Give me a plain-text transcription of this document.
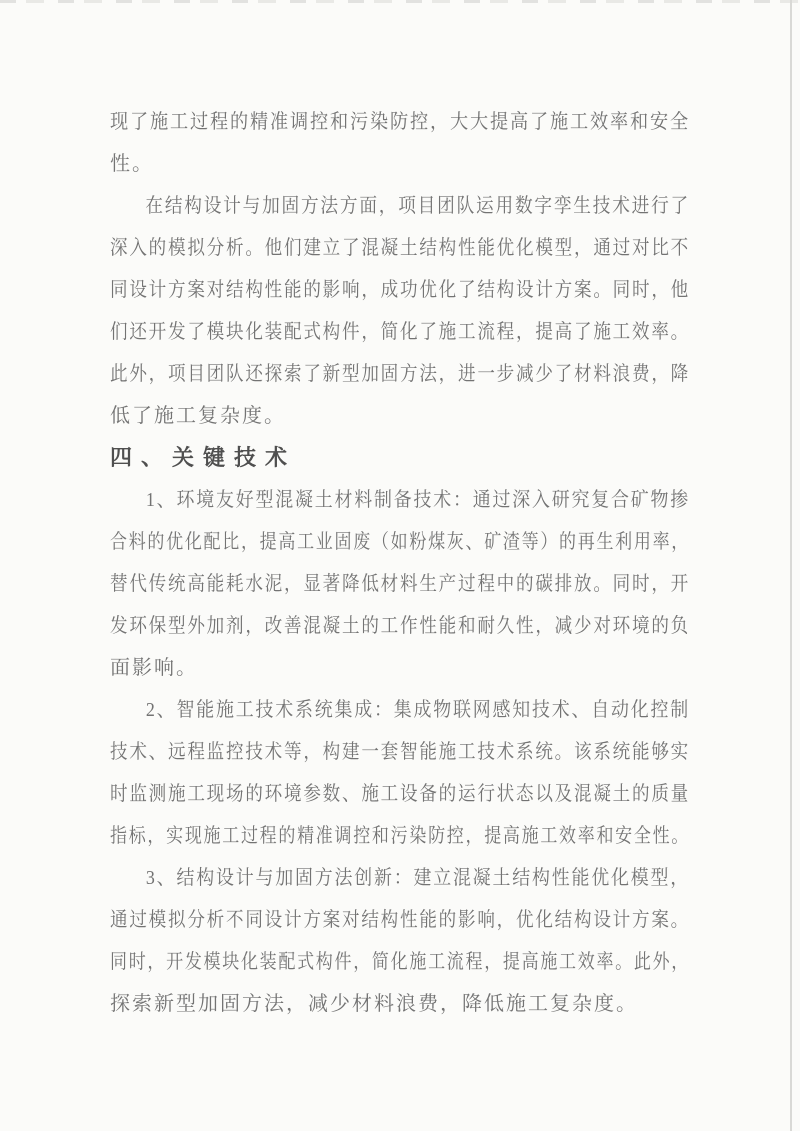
现了施工过程的精准调控和污染防控，大大提高了施工效率和安全
性。
在结构设计与加固方法方面，项目团队运用数字孪生技术进行了
深入的模拟分析。他们建立了混凝土结构性能优化模型，通过对比不
同设计方案对结构性能的影响，成功优化了结构设计方案。同时，他
们还开发了模块化装配式构件，简化了施工流程，提高了施工效率。
此外，项目团队还探索了新型加固方法，进一步减少了材料浪费，降
低了施工复杂度。
四、关键技术
1、环境友好型混凝土材料制备技术：通过深入研究复合矿物掺
合料的优化配比，提高工业固废（如粉煤灰、矿渣等）的再生利用率，
替代传统高能耗水泥，显著降低材料生产过程中的碳排放。同时，开
发环保型外加剂，改善混凝土的工作性能和耐久性，减少对环境的负
面影响。
2、智能施工技术系统集成：集成物联网感知技术、自动化控制
技术、远程监控技术等，构建一套智能施工技术系统。该系统能够实
时监测施工现场的环境参数、施工设备的运行状态以及混凝土的质量
指标，实现施工过程的精准调控和污染防控，提高施工效率和安全性。
3、结构设计与加固方法创新：建立混凝土结构性能优化模型，
通过模拟分析不同设计方案对结构性能的影响，优化结构设计方案。
同时，开发模块化装配式构件，简化施工流程，提高施工效率。此外，
探索新型加固方法，减少材料浪费，降低施工复杂度。
